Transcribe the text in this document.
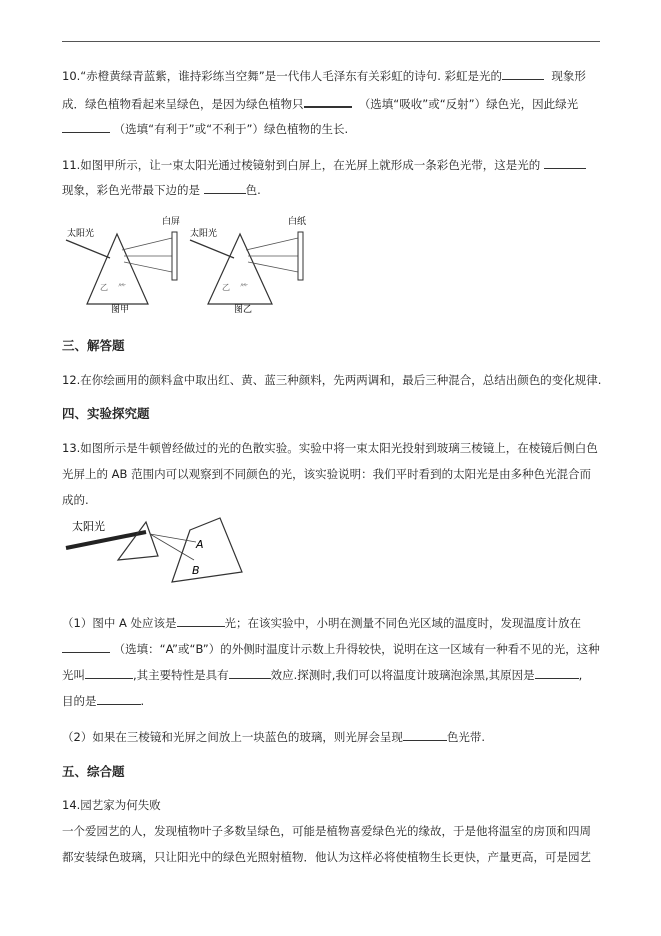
10.“赤橙黄绿青蓝紫，谁持彩练当空舞”是一代伟人毛泽东有关彩虹的诗句. 彩虹是光的	现象形
成．绿色植物看起来呈绿色，是因为绿色植物只	（选填“吸收”或“反射”）绿色光，因此绿光
（选填“有利于”或“不利于”）绿色植物的生长.
11.如图甲所示，让一束太阳光通过棱镜射到白屏上，在光屏上就形成一条彩色光带，这是光的
现象，彩色光带最下边的是	色.
太阳光
白屏
乙 ⺮
图甲
太阳光
白纸
乙 ⺮
图乙
三、解答题
12.在你绘画用的颜料盒中取出红、黄、蓝三种颜料，先两两调和，最后三种混合，总结出颜色的变化规律.
四、实验探究题
13.如图所示是牛顿曾经做过的光的色散实验。实验中将一束太阳光投射到玻璃三棱镜上，在棱镜后侧白色
光屏上的 AB 范围内可以观察到不同颜色的光，该实验说明：我们平时看到的太阳光是由多种色光混合而
成的.
太阳光
A
B
（1）图中 A 处应该是	光；在该实验中，小明在测量不同色光区域的温度时，发现温度计放在
（选填：“A”或“B”）的外侧时温度计示数上升得较快，说明在这一区域有一种看不见的光，这种
光叫	,其主要特性是具有	效应.探测时,我们可以将温度计玻璃泡涂黑,其原因是	,
目的是	.
（2）如果在三棱镜和光屏之间放上一块蓝色的玻璃，则光屏会呈现	色光带.
五、综合题
14.园艺家为何失败
一个爱园艺的人，发现植物叶子多数呈绿色，可能是植物喜爱绿色光的缘故，于是他将温室的房顶和四周
都安装绿色玻璃，只让阳光中的绿色光照射植物．他认为这样必将使植物生长更快，产量更高，可是园艺
